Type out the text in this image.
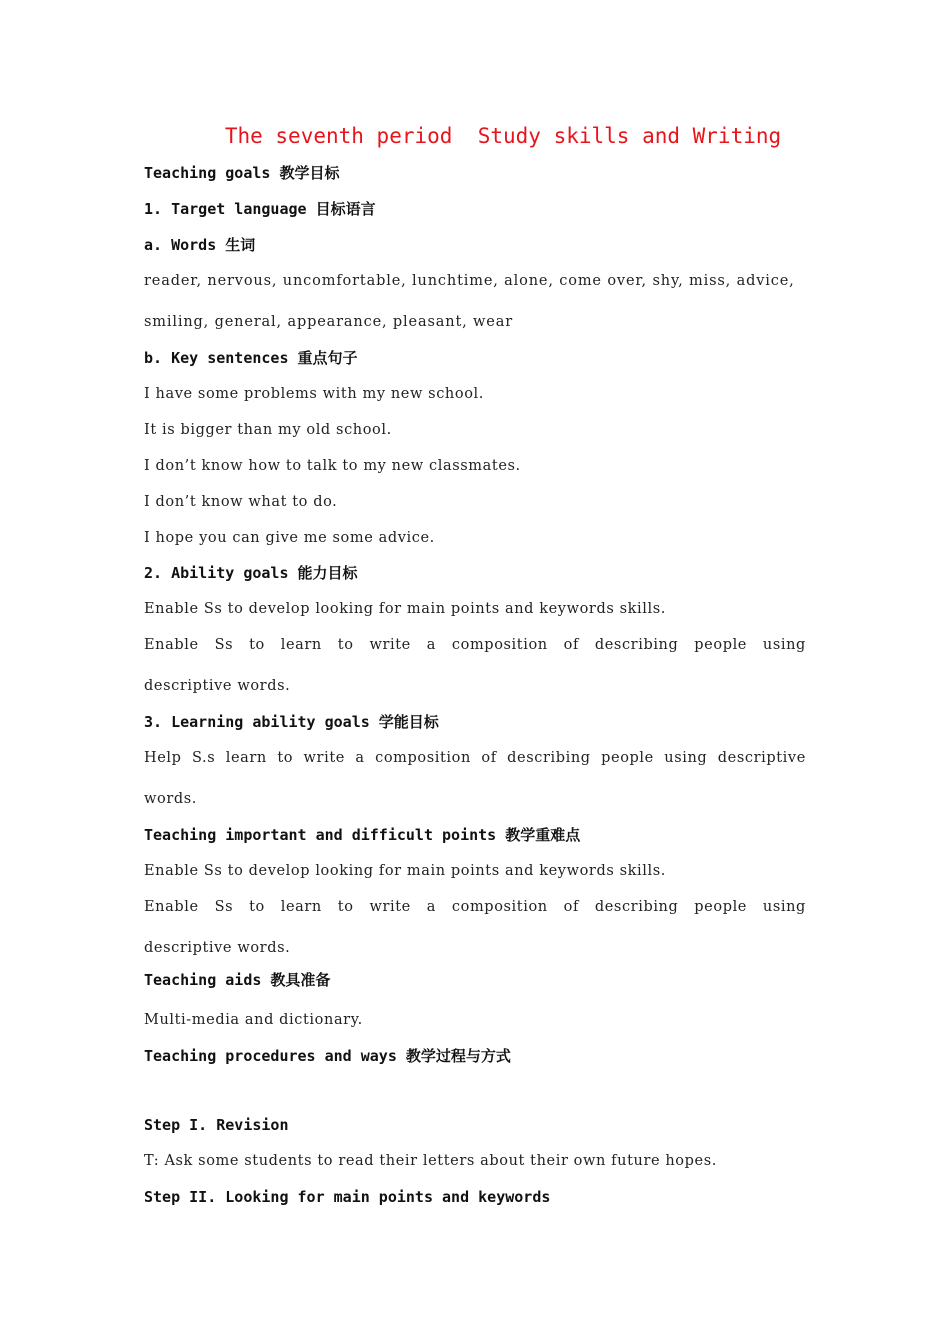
The seventh period  Study skills and Writing
Teaching goals 教学目标
1. Target language 目标语言
a. Words 生词
reader, nervous, uncomfortable, lunchtime, alone, come over, shy, miss, advice,
smiling, general, appearance, pleasant, wear
b. Key sentences 重点句子
I have some problems with my new school.
It is bigger than my old school.
I don’t know how to talk to my new classmates.
I don’t know what to do.
I hope you can give me some advice.
2. Ability goals 能力目标
Enable Ss to develop looking for main points and keywords skills.
Enable Ss to learn to write a composition of describing people using
descriptive words.
3. Learning ability goals 学能目标
Help S.s learn to write a composition of describing people using descriptive
words.
Teaching important and difficult points 教学重难点
Enable Ss to develop looking for main points and keywords skills.
Enable Ss to learn to write a composition of describing people using
descriptive words.
Teaching aids 教具准备
Multi-media and dictionary.
Teaching procedures and ways 教学过程与方式
Step I. Revision
T: Ask some students to read their letters about their own future hopes.
Step II. Looking for main points and keywords
